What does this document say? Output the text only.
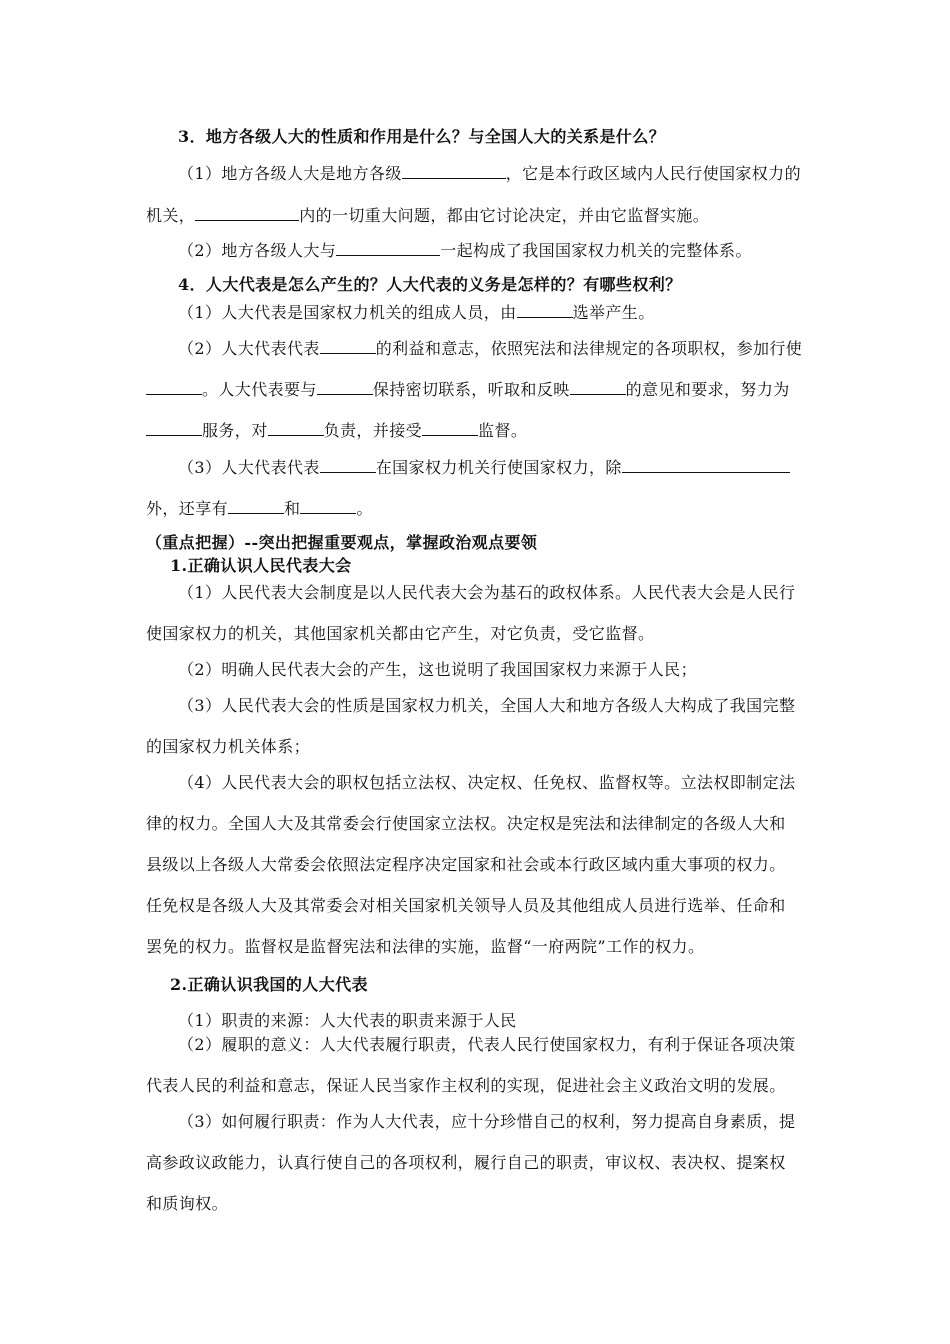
3．地方各级人大的性质和作用是什么？与全国人大的关系是什么？
（1）地方各级人大是地方各级	，它是本行政区域内人民行使国家权力的
机关，	内的一切重大问题，都由它讨论决定，并由它监督实施。
（2）地方各级人大与	一起构成了我国国家权力机关的完整体系。
4．人大代表是怎么产生的？人大代表的义务是怎样的？有哪些权利？
（1）人大代表是国家权力机关的组成人员，由	选举产生。
（2）人大代表代表	的利益和意志，依照宪法和法律规定的各项职权，参加行使
。人大代表要与	保持密切联系，听取和反映	的意见和要求，努力为
服务，对	负责，并接受	监督。
（3）人大代表代表	在国家权力机关行使国家权力，除
外，还享有	和	。
（重点把握）--突出把握重要观点，掌握政治观点要领
1.正确认识人民代表大会
（1）人民代表大会制度是以人民代表大会为基石的政权体系。人民代表大会是人民行
使国家权力的机关，其他国家机关都由它产生，对它负责，受它监督。
（2）明确人民代表大会的产生，这也说明了我国国家权力来源于人民；
（3）人民代表大会的性质是国家权力机关，全国人大和地方各级人大构成了我国完整
的国家权力机关体系；
（4）人民代表大会的职权包括立法权、决定权、任免权、监督权等。立法权即制定法
律的权力。全国人大及其常委会行使国家立法权。决定权是宪法和法律制定的各级人大和
县级以上各级人大常委会依照法定程序决定国家和社会或本行政区域内重大事项的权力。
任免权是各级人大及其常委会对相关国家机关领导人员及其他组成人员进行选举、任命和
罢免的权力。监督权是监督宪法和法律的实施，监督“一府两院”工作的权力。
2.正确认识我国的人大代表
（1）职责的来源：人大代表的职责来源于人民
（2）履职的意义：人大代表履行职责，代表人民行使国家权力，有利于保证各项决策
代表人民的利益和意志，保证人民当家作主权利的实现，促进社会主义政治文明的发展。
（3）如何履行职责：作为人大代表，应十分珍惜自己的权利，努力提高自身素质，提
高参政议政能力，认真行使自己的各项权利，履行自己的职责，审议权、表决权、提案权
和质询权。
